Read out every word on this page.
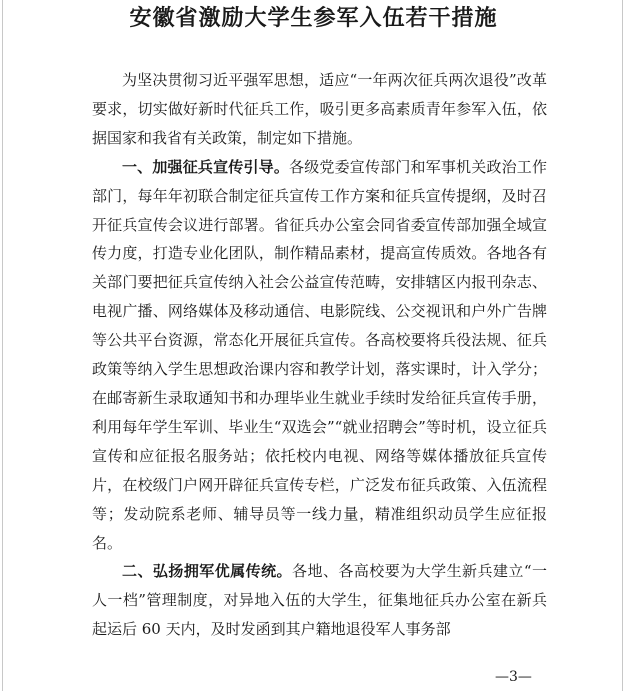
安徽省激励大学生参军入伍若干措施

为坚决贯彻习近平强军思想，适应“一年两次征兵两次退役”改革要求，切实做好新时代征兵工作，吸引更多高素质青年参军入伍，依据国家和我省有关政策，制定如下措施。

一、加强征兵宣传引导。各级党委宣传部门和军事机关政治工作部门，每年年初联合制定征兵宣传工作方案和征兵宣传提纲，及时召开征兵宣传会议进行部署。省征兵办公室会同省委宣传部加强全域宣传力度，打造专业化团队，制作精品素材，提高宣传质效。各地各有关部门要把征兵宣传纳入社会公益宣传范畴，安排辖区内报刊杂志、电视广播、网络媒体及移动通信、电影院线、公交视讯和户外广告牌等公共平台资源，常态化开展征兵宣传。各高校要将兵役法规、征兵政策等纳入学生思想政治课内容和教学计划，落实课时，计入学分；在邮寄新生录取通知书和办理毕业生就业手续时发给征兵宣传手册，利用每年学生军训、毕业生“双选会”“就业招聘会”等时机，设立征兵宣传和应征报名服务站；依托校内电视、网络等媒体播放征兵宣传片，在校级门户网开辟征兵宣传专栏，广泛发布征兵政策、入伍流程等；发动院系老师、辅导员等一线力量，精准组织动员学生应征报名。

二、弘扬拥军优属传统。各地、各高校要为大学生新兵建立“一人一档”管理制度，对异地入伍的大学生，征集地征兵办公室在新兵起运后 60 天内，及时发函到其户籍地退役军人事务部

—3—
